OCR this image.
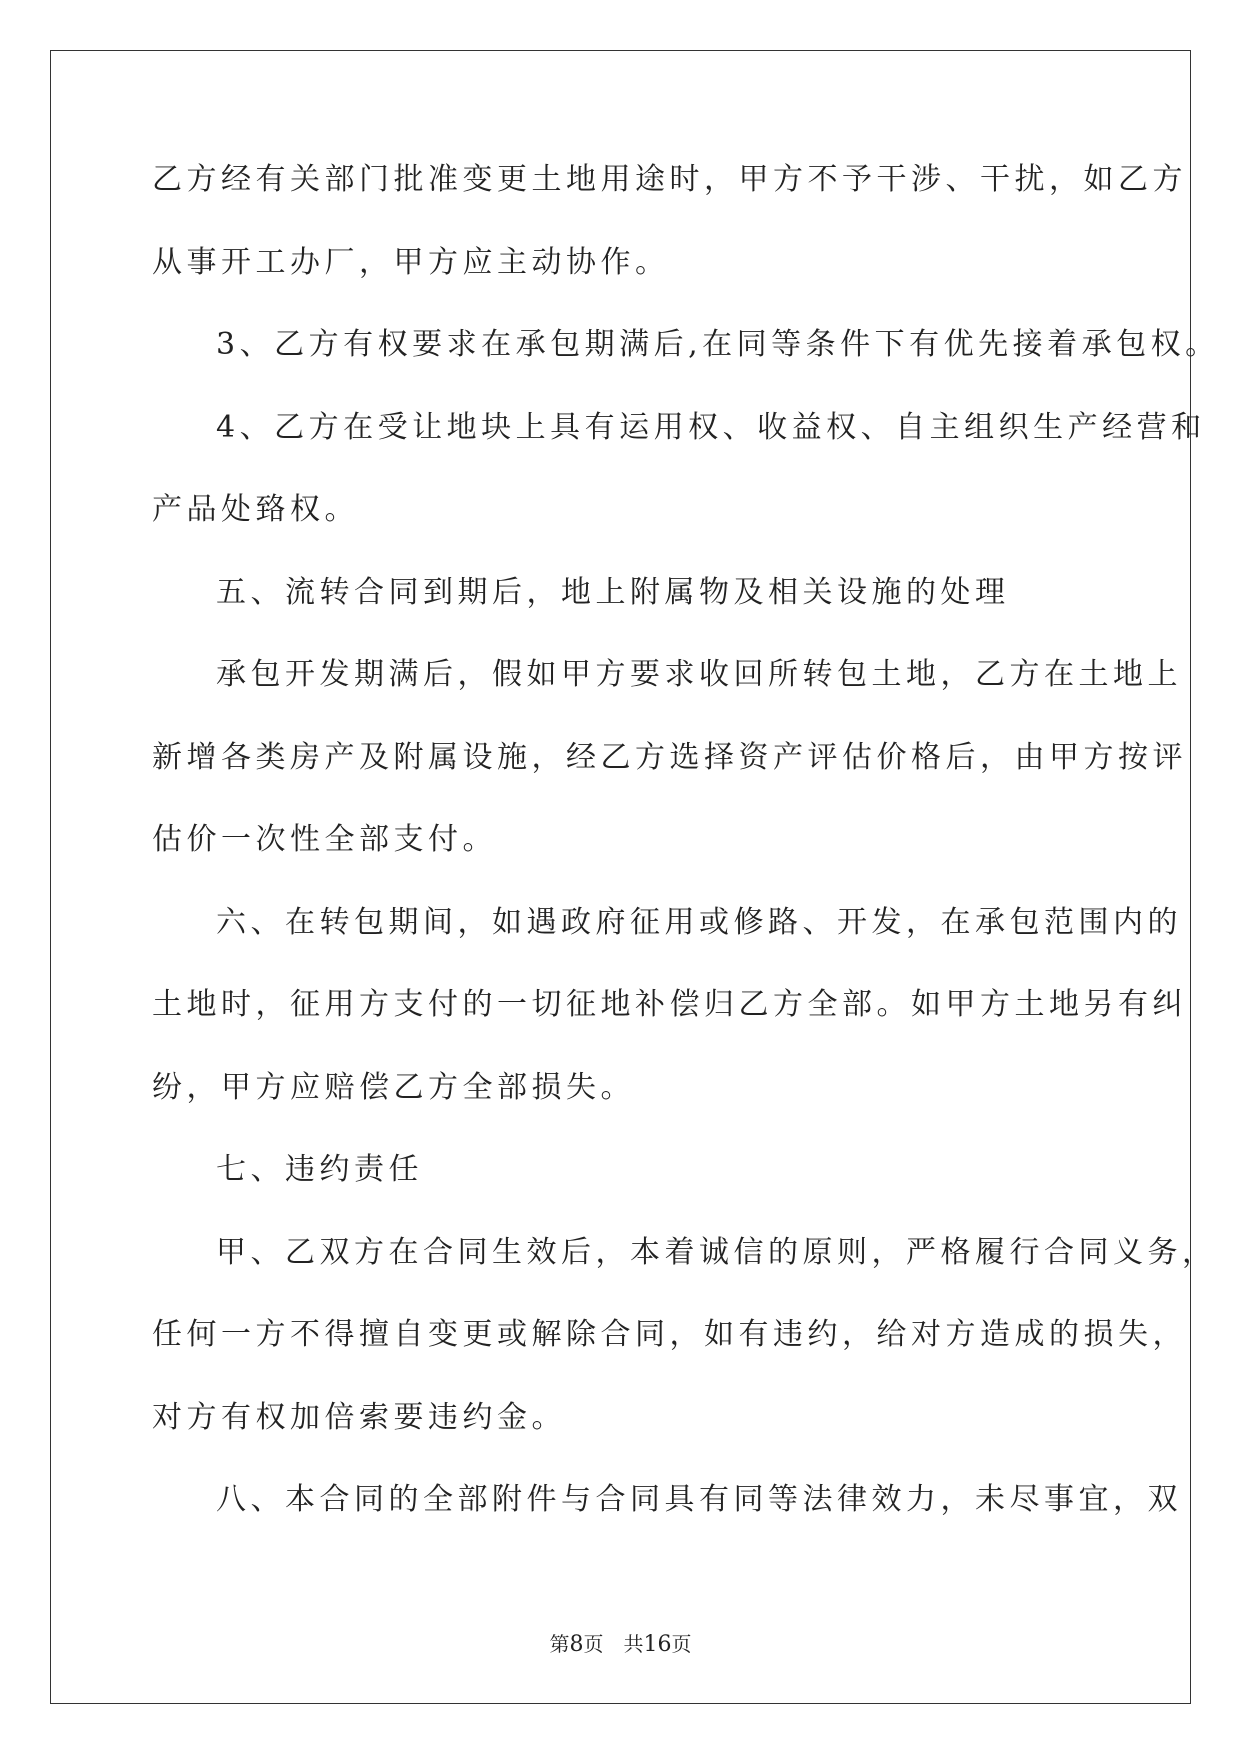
乙方经有关部门批准变更土地用途时，甲方不予干涉、干扰，如乙方
从事开工办厂，甲方应主动协作。
3、乙方有权要求在承包期满后,在同等条件下有优先接着承包权。
4、乙方在受让地块上具有运用权、收益权、自主组织生产经营和
产品处臵权。
五、流转合同到期后，地上附属物及相关设施的处理
承包开发期满后，假如甲方要求收回所转包土地，乙方在土地上
新增各类房产及附属设施，经乙方选择资产评估价格后，由甲方按评
估价一次性全部支付。
六、在转包期间，如遇政府征用或修路、开发，在承包范围内的
土地时，征用方支付的一切征地补偿归乙方全部。如甲方土地另有纠
纷，甲方应赔偿乙方全部损失。
七、违约责任
甲、乙双方在合同生效后，本着诚信的原则，严格履行合同义务，
任何一方不得擅自变更或解除合同，如有违约，给对方造成的损失，
对方有权加倍索要违约金。
八、本合同的全部附件与合同具有同等法律效力，未尽事宜，双
第8页 共16页
